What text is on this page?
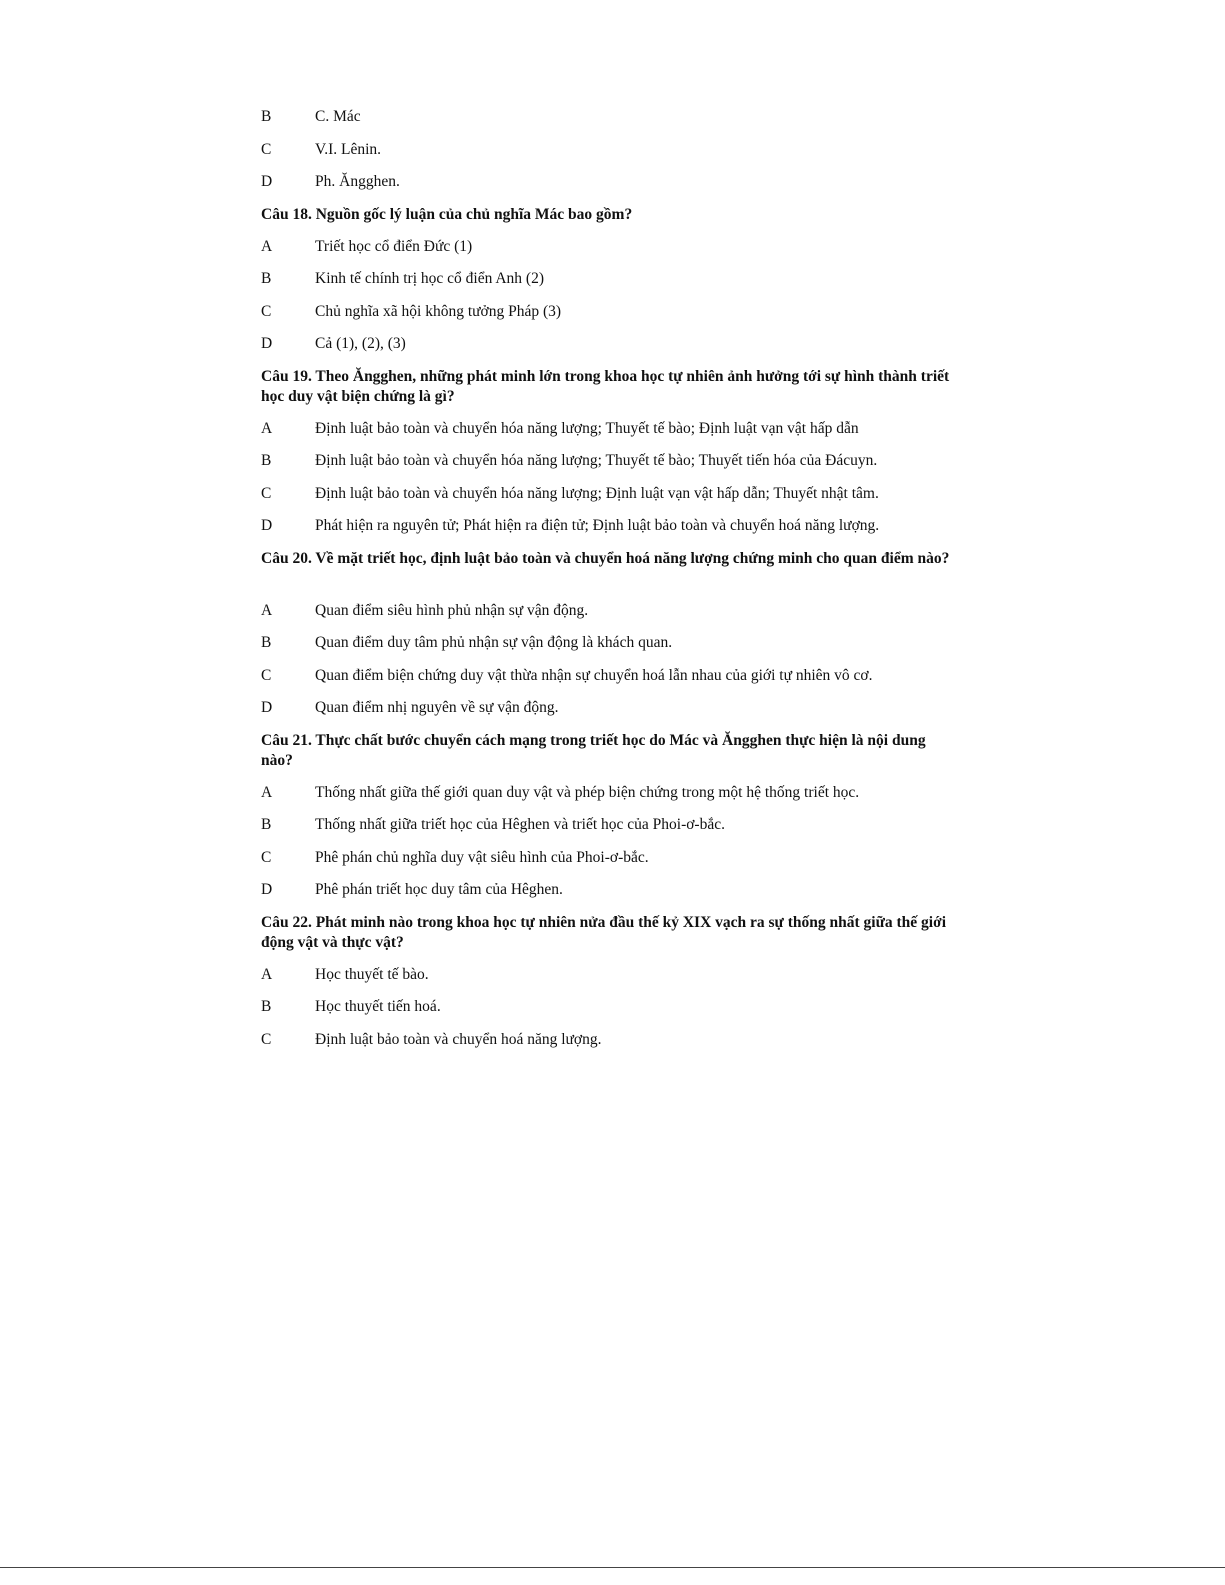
B	C. Mác
C	V.I. Lênin.
D	Ph. Ăngghen.
Câu 18. Nguồn gốc lý luận của chủ nghĩa Mác bao gồm?
A	Triết học cổ điển Đức (1)
B	Kinh tế chính trị học cổ điển Anh (2)
C	Chủ nghĩa xã hội không tưởng Pháp (3)
D	Cả (1), (2), (3)
Câu 19. Theo Ăngghen, những phát minh lớn trong khoa học tự nhiên ảnh hưởng tới sự hình thành triết học duy vật biện chứng là gì?
A	Định luật bảo toàn và chuyển hóa năng lượng; Thuyết tế bào; Định luật vạn vật hấp dẫn
B	Định luật bảo toàn và chuyển hóa năng lượng; Thuyết tế bào; Thuyết tiến hóa của Đácuyn.
C	Định luật bảo toàn và chuyển hóa năng lượng; Định luật vạn vật hấp dẫn; Thuyết nhật tâm.
D	Phát hiện ra nguyên tử; Phát hiện ra điện tử; Định luật bảo toàn và chuyển hoá năng lượng.
Câu 20. Về mặt triết học, định luật bảo toàn và chuyển hoá năng lượng chứng minh cho quan điểm nào?
A	Quan điểm siêu hình phủ nhận sự vận động.
B	Quan điểm duy tâm phủ nhận sự vận động là khách quan.
C	Quan điểm biện chứng duy vật thừa nhận sự chuyển hoá lẫn nhau của giới tự nhiên vô cơ.
D	Quan điểm nhị nguyên về sự vận động.
Câu 21. Thực chất bước chuyển cách mạng trong triết học do Mác và Ăngghen thực hiện là nội dung nào?
A	Thống nhất giữa thế giới quan duy vật và phép biện chứng trong một hệ thống triết học.
B	Thống nhất giữa triết học của Hêghen và triết học của Phoi-ơ-bắc.
C	Phê phán chủ nghĩa duy vật siêu hình của Phoi-ơ-bắc.
D	Phê phán triết học duy tâm của Hêghen.
Câu 22. Phát minh nào trong khoa học tự nhiên nửa đầu thế kỷ XIX vạch ra sự thống nhất giữa thế giới động vật và thực vật?
A	Học thuyết tế bào.
B	Học thuyết tiến hoá.
C	Định luật bảo toàn và chuyển hoá năng lượng.
